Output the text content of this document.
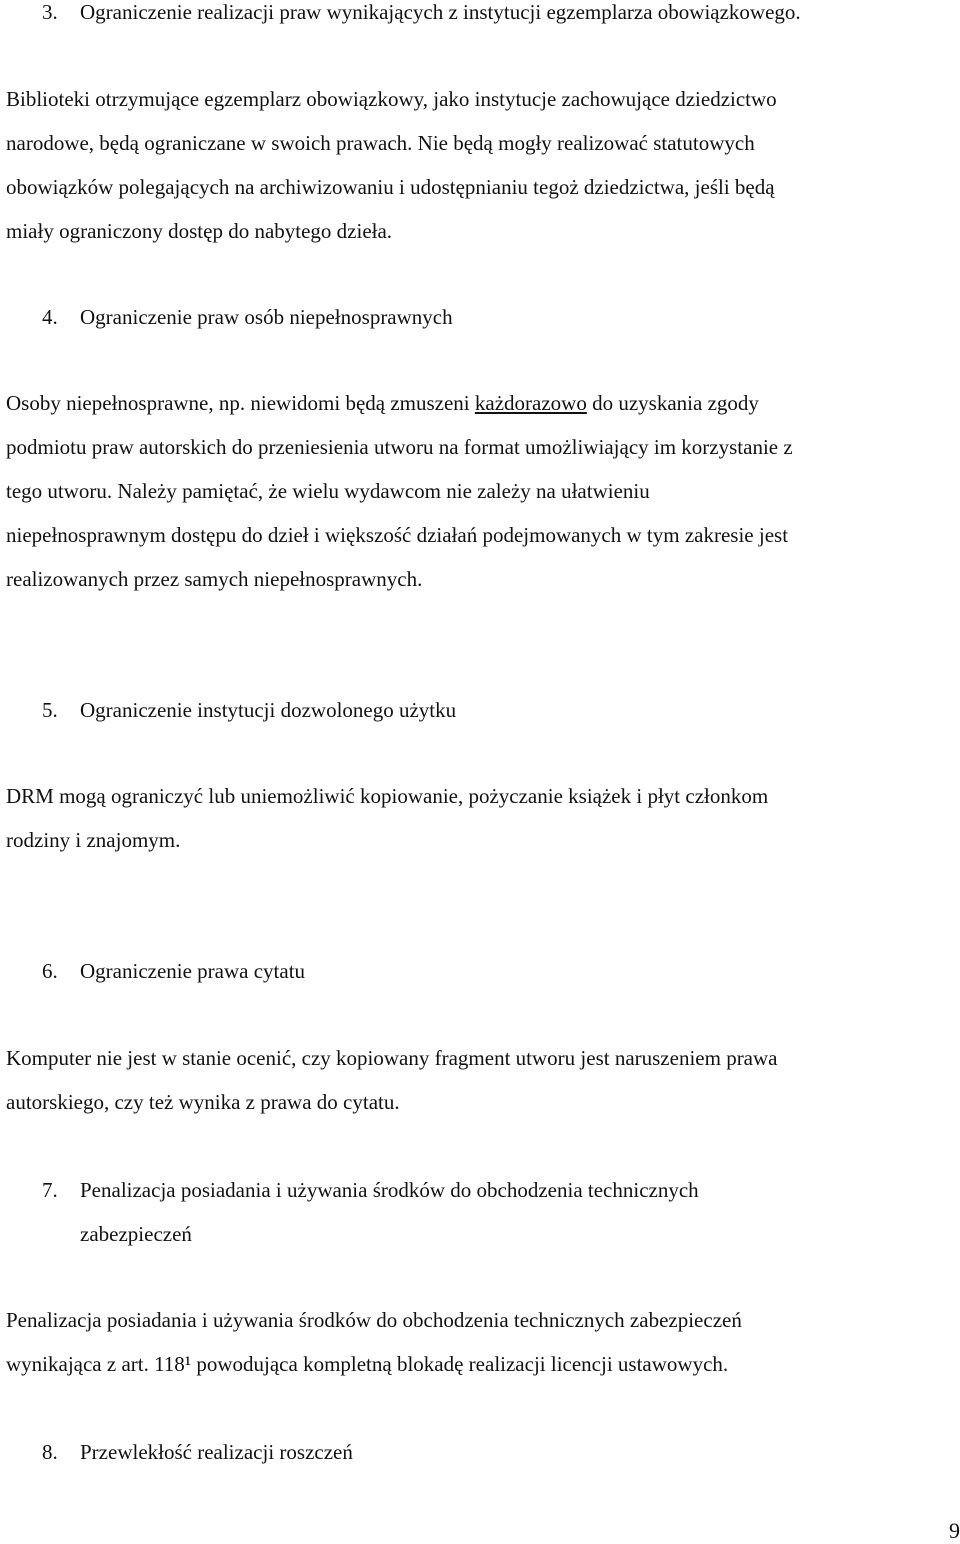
3. Ograniczenie realizacji praw wynikających z instytucji egzemplarza obowiązkowego.
Biblioteki otrzymujące egzemplarz obowiązkowy, jako instytucje zachowujące dziedzictwo
narodowe, będą ograniczane w swoich prawach. Nie będą mogły realizować statutowych
obowiązków polegających na archiwizowaniu i udostępnianiu tegoż dziedzictwa, jeśli będą
miały ograniczony dostęp do nabytego dzieła.
4. Ograniczenie praw osób niepełnosprawnych
Osoby niepełnosprawne, np. niewidomi będą zmuszeni każdorazowo do uzyskania zgody
podmiotu praw autorskich do przeniesienia utworu na format umożliwiający im korzystanie z
tego utworu. Należy pamiętać, że wielu wydawcom nie zależy na ułatwieniu
niepełnosprawnym dostępu do dzieł i większość działań podejmowanych w tym zakresie jest
realizowanych przez samych niepełnosprawnych.
5. Ograniczenie instytucji dozwolonego użytku
DRM mogą ograniczyć lub uniemożliwić kopiowanie, pożyczanie książek i płyt członkom
rodziny i znajomym.
6. Ograniczenie prawa cytatu
Komputer nie jest w stanie ocenić, czy kopiowany fragment utworu jest naruszeniem prawa
autorskiego, czy też wynika z prawa do cytatu.
7.	Penalizacja posiadania i używania środków do obchodzenia technicznych
zabezpieczeń
Penalizacja posiadania i używania środków do obchodzenia technicznych zabezpieczeń
wynikająca z art. 118¹ powodująca kompletną blokadę realizacji licencji ustawowych.
8. Przewlekłość realizacji roszczeń
9
